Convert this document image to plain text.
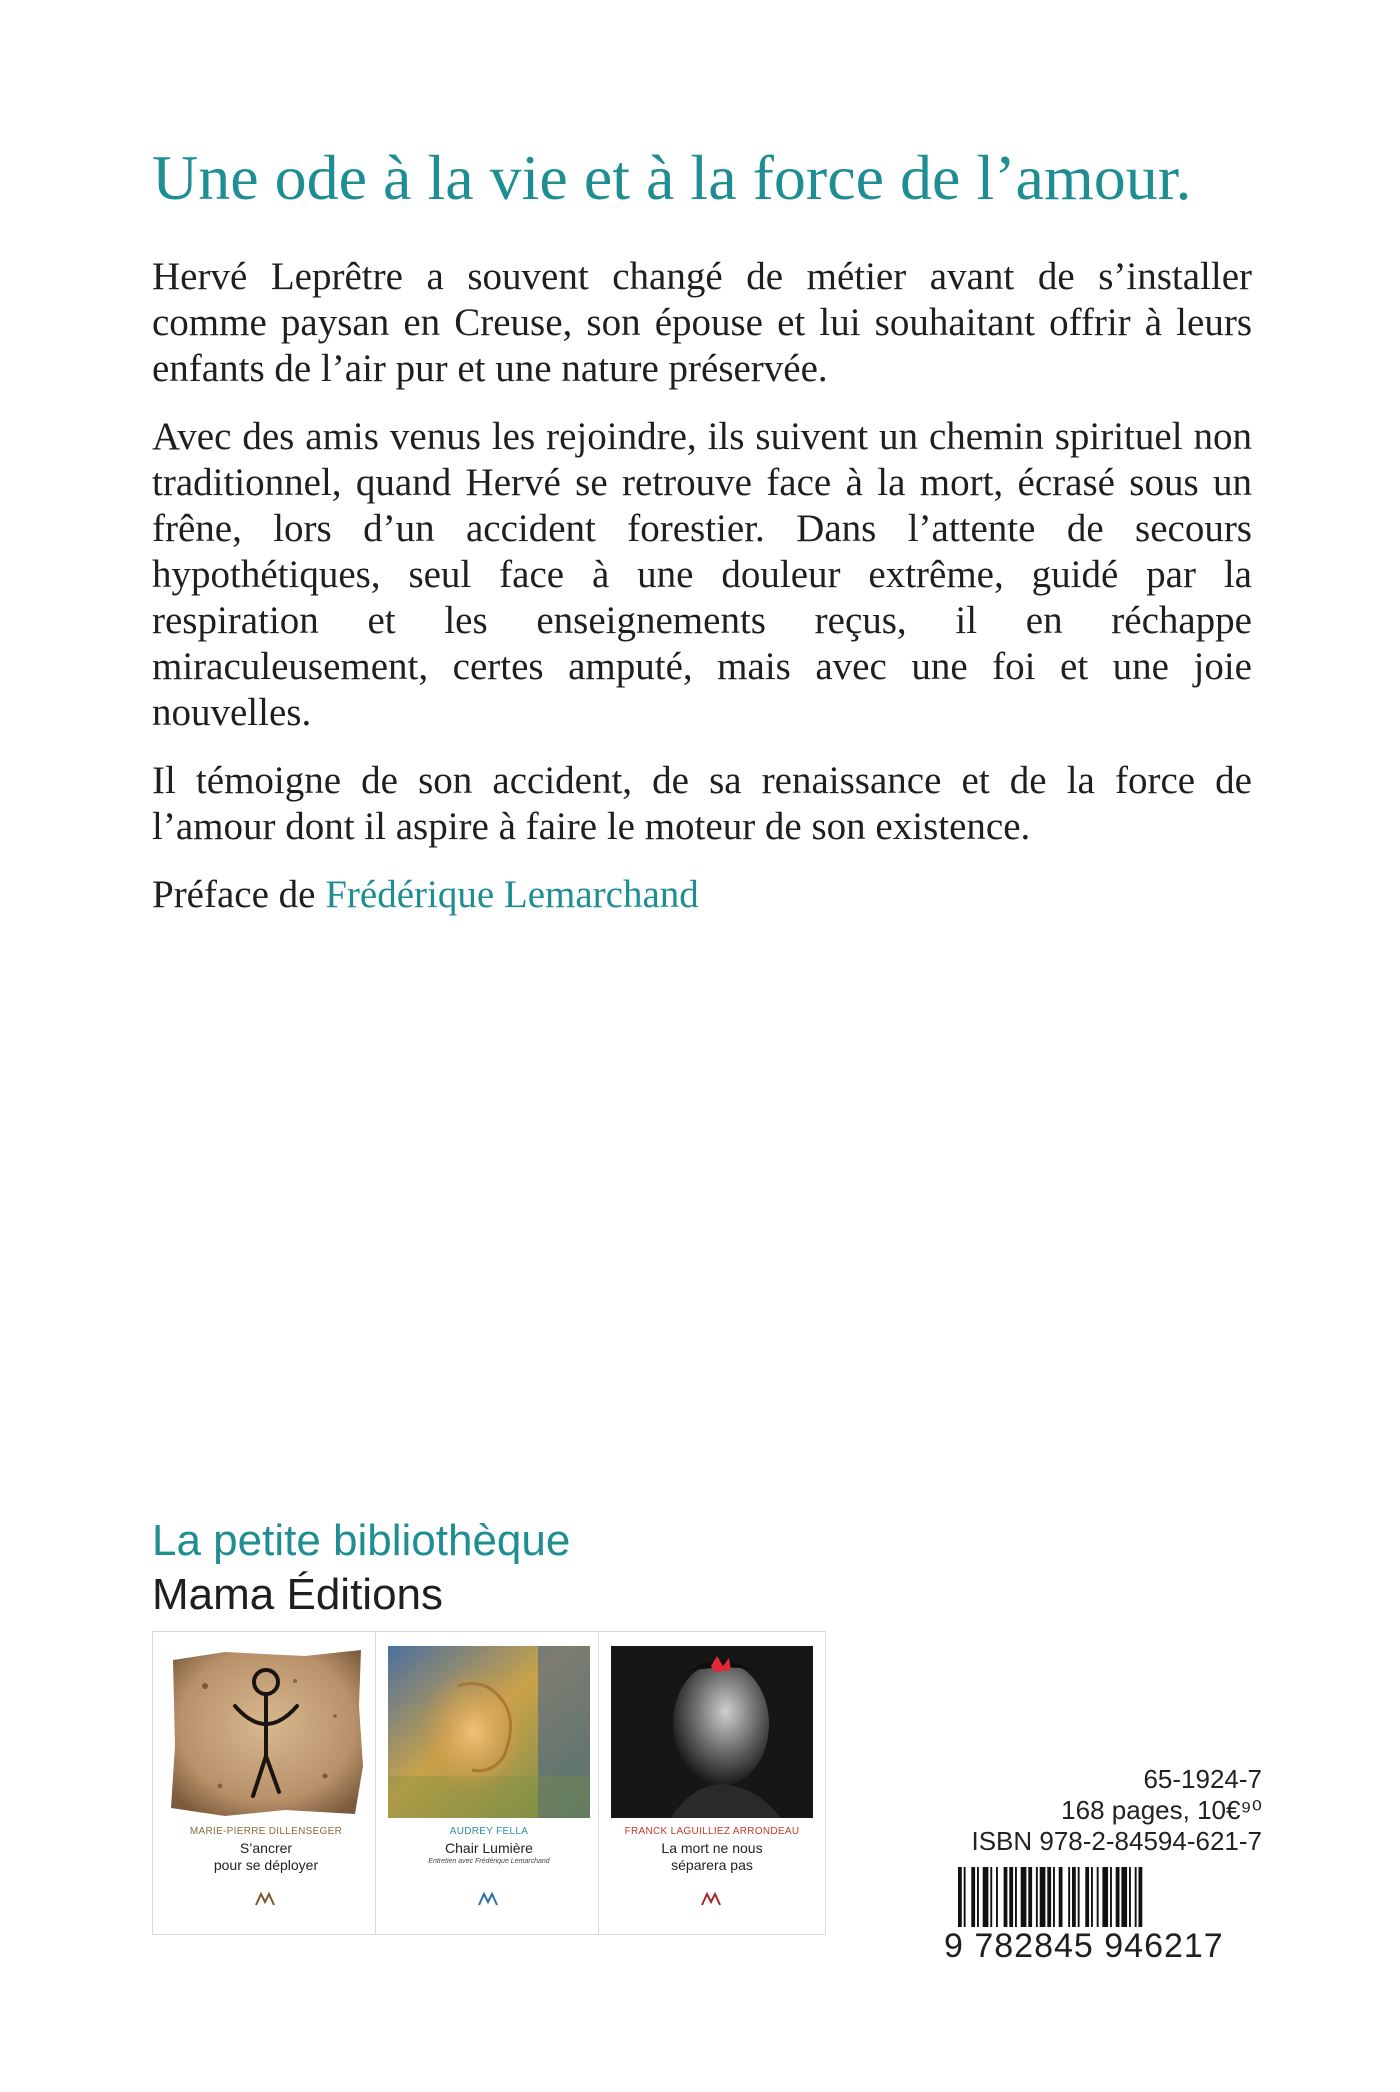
Une ode à la vie et à la force de l’amour.

Hervé Leprêtre a souvent changé de métier avant de s’installer comme paysan en Creuse, son épouse et lui souhaitant offrir à leurs enfants de l’air pur et une nature préservée.

Avec des amis venus les rejoindre, ils suivent un chemin spirituel non traditionnel, quand Hervé se retrouve face à la mort, écrasé sous un frêne, lors d’un accident forestier. Dans l’attente de secours hypothétiques, seul face à une douleur extrême, guidé par la respiration et les enseignements reçus, il en réchappe miraculeusement, certes amputé, mais avec une foi et une joie nouvelles.

Il témoigne de son accident, de sa renaissance et de la force de l’amour dont il aspire à faire le moteur de son existence.

Préface de Frédérique Lemarchand

La petite bibliothèque
Mama Éditions
MARIE-PIERRE DILLENSEGER
S’ancrer
pour se déployer
AUDREY FELLA
Chair Lumière
Entretien avec Frédérique Lemarchand
FRANCK LAGUILLIEZ ARRONDEAU
La mort ne nous
séparera pas
65-1924-7
168 pages, 10€⁹⁰
ISBN 978-2-84594-621-7
9 782845 946217
